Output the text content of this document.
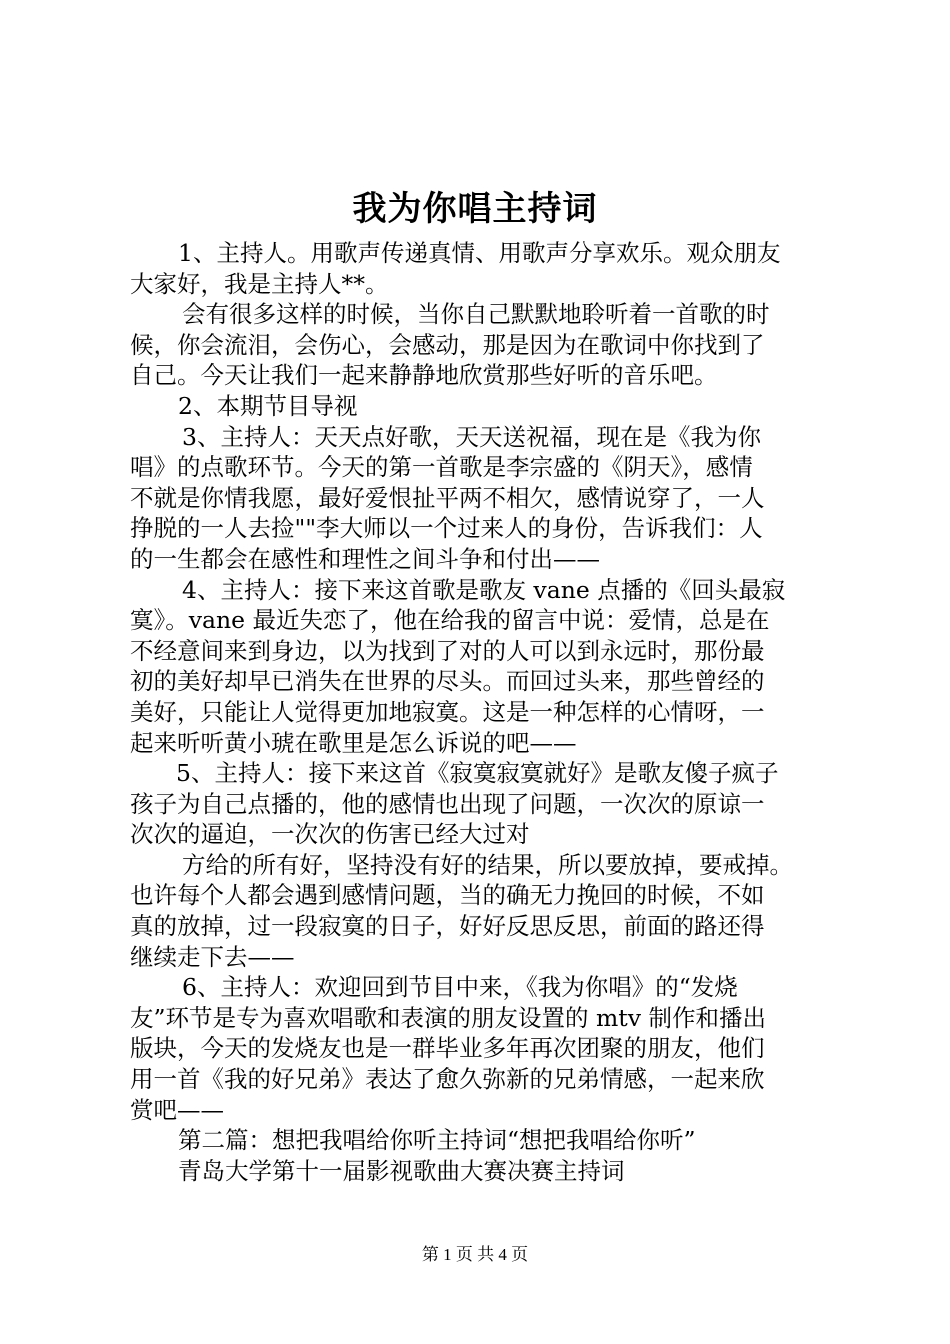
我为你唱主持词
1、主持人。用歌声传递真情、用歌声分享欢乐。观众朋友
大家好，我是主持人**。
会有很多这样的时候，当你自己默默地聆听着一首歌的时
候，你会流泪，会伤心，会感动，那是因为在歌词中你找到了
自己。今天让我们一起来静静地欣赏那些好听的音乐吧。
2、本期节目导视
3、主持人：天天点好歌，天天送祝福，现在是《我为你
唱》的点歌环节。今天的第一首歌是李宗盛的《阴天》，感情
不就是你情我愿，最好爱恨扯平两不相欠，感情说穿了，一人
挣脱的一人去捡""李大师以一个过来人的身份，告诉我们：人
的一生都会在感性和理性之间斗争和付出——
4、主持人：接下来这首歌是歌友 vane 点播的《回头最寂
寞》。vane 最近失恋了，他在给我的留言中说：爱情，总是在
不经意间来到身边，以为找到了对的人可以到永远时，那份最
初的美好却早已消失在世界的尽头。而回过头来，那些曾经的
美好，只能让人觉得更加地寂寞。这是一种怎样的心情呀，一
起来听听黄小琥在歌里是怎么诉说的吧——
5、主持人：接下来这首《寂寞寂寞就好》是歌友傻子疯子
孩子为自己点播的，他的感情也出现了问题，一次次的原谅一
次次的逼迫，一次次的伤害已经大过对
方给的所有好，坚持没有好的结果，所以要放掉，要戒掉。
也许每个人都会遇到感情问题，当的确无力挽回的时候，不如
真的放掉，过一段寂寞的日子，好好反思反思，前面的路还得
继续走下去——
6、主持人：欢迎回到节目中来，《我为你唱》的“发烧
友”环节是专为喜欢唱歌和表演的朋友设置的 mtv 制作和播出
版块，今天的发烧友也是一群毕业多年再次团聚的朋友，他们
用一首《我的好兄弟》表达了愈久弥新的兄弟情感，一起来欣
赏吧——
第二篇：想把我唱给你听主持词“想把我唱给你听”
青岛大学第十一届影视歌曲大赛决赛主持词
第 1 页 共 4 页
